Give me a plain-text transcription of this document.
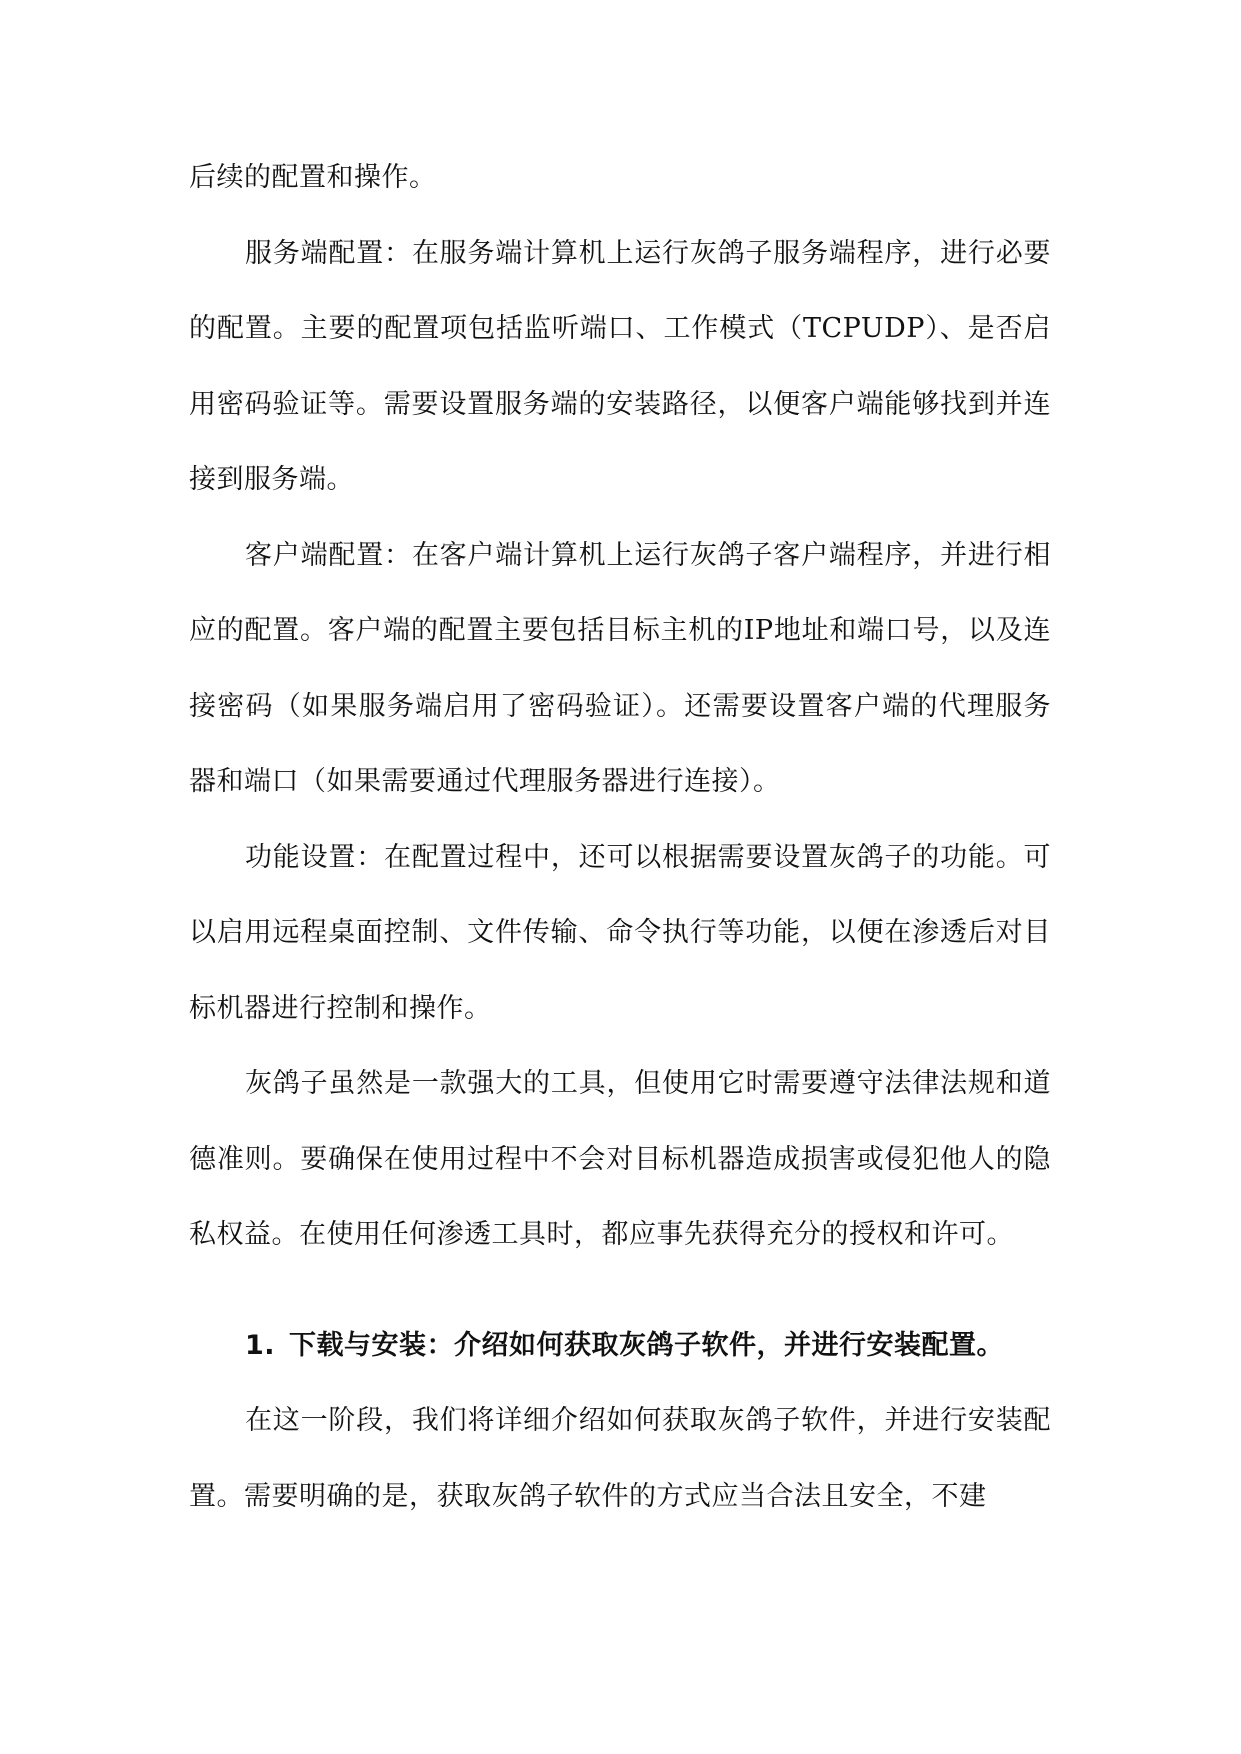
后续的配置和操作。

服务端配置：在服务端计算机上运行灰鸽子服务端程序，进行必要的配置。主要的配置项包括监听端口、工作模式（TCPUDP）、是否启用密码验证等。需要设置服务端的安装路径，以便客户端能够找到并连接到服务端。

客户端配置：在客户端计算机上运行灰鸽子客户端程序，并进行相应的配置。客户端的配置主要包括目标主机的IP地址和端口号，以及连接密码（如果服务端启用了密码验证）。还需要设置客户端的代理服务器和端口（如果需要通过代理服务器进行连接）。

功能设置：在配置过程中，还可以根据需要设置灰鸽子的功能。可以启用远程桌面控制、文件传输、命令执行等功能，以便在渗透后对目标机器进行控制和操作。

灰鸽子虽然是一款强大的工具，但使用它时需要遵守法律法规和道德准则。要确保在使用过程中不会对目标机器造成损害或侵犯他人的隐私权益。在使用任何渗透工具时，都应事先获得充分的授权和许可。

1. 下载与安装：介绍如何获取灰鸽子软件，并进行安装配置。

在这一阶段，我们将详细介绍如何获取灰鸽子软件，并进行安装配置。需要明确的是，获取灰鸽子软件的方式应当合法且安全，不建
